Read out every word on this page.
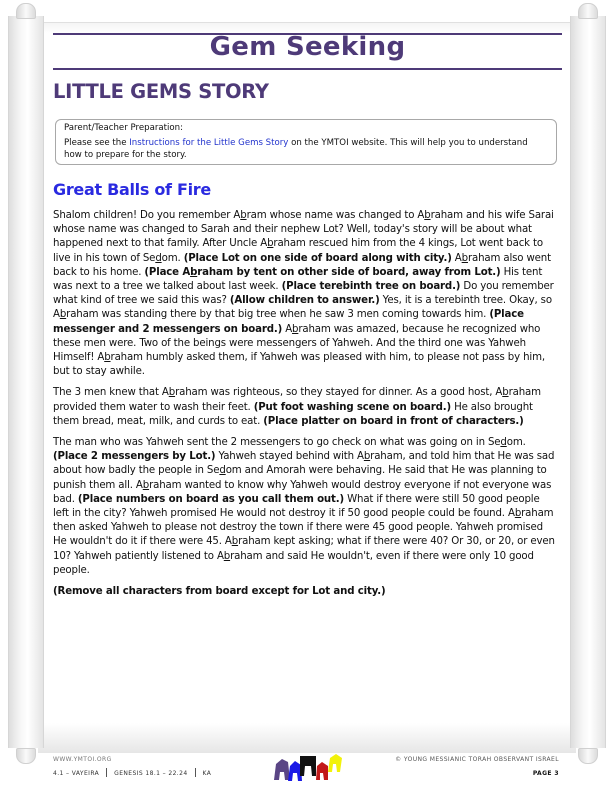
Gem Seeking
LITTLE GEMS STORY

Parent/Teacher Preparation:

Please see the Instructions for the Little Gems Story on the YMTOI website. This will help you to understand how to prepare for the story.

Great Balls of Fire

Shalom children! Do you remember Abram whose name was changed to Abraham and his wife Sarai whose name was changed to Sarah and their nephew Lot? Well, today's story will be about what happened next to that family. After Uncle Abraham rescued him from the 4 kings, Lot went back to live in his town of Sedom. (Place Lot on one side of board along with city.) Abraham also went back to his home. (Place Abraham by tent on other side of board, away from Lot.) His tent was next to a tree we talked about last week. (Place terebinth tree on board.) Do you remember what kind of tree we said this was? (Allow children to answer.) Yes, it is a terebinth tree. Okay, so Abraham was standing there by that big tree when he saw 3 men coming towards him. (Place messenger and 2 messengers on board.) Abraham was amazed, because he recognized who these men were. Two of the beings were messengers of Yahweh. And the third one was Yahweh Himself! Abraham humbly asked them, if Yahweh was pleased with him, to please not pass by him, but to stay awhile.

The 3 men knew that Abraham was righteous, so they stayed for dinner. As a good host, Abraham provided them water to wash their feet. (Put foot washing scene on board.) He also brought them bread, meat, milk, and curds to eat. (Place platter on board in front of characters.)

The man who was Yahweh sent the 2 messengers to go check on what was going on in Sedom. (Place 2 messengers by Lot.) Yahweh stayed behind with Abraham, and told him that He was sad about how badly the people in Sedom and Amorah were behaving. He said that He was planning to punish them all. Abraham wanted to know why Yahweh would destroy everyone if not everyone was bad. (Place numbers on board as you call them out.) What if there were still 50 good people left in the city? Yahweh promised He would not destroy it if 50 good people could be found. Abraham then asked Yahweh to please not destroy the town if there were 45 good people. Yahweh promised He wouldn't do it if there were 45. Abraham kept asking; what if there were 40? Or 30, or 20, or even 10? Yahweh patiently listened to Abraham and said He wouldn't, even if there were only 10 good people.

(Remove all characters from board except for Lot and city.)

WWW.YMTOI.ORG
4.1 – VAYEIRA	GENESIS 18.1 – 22.24	KA
© YOUNG MESSIANIC TORAH OBSERVANT ISRAEL
PAGE 3
